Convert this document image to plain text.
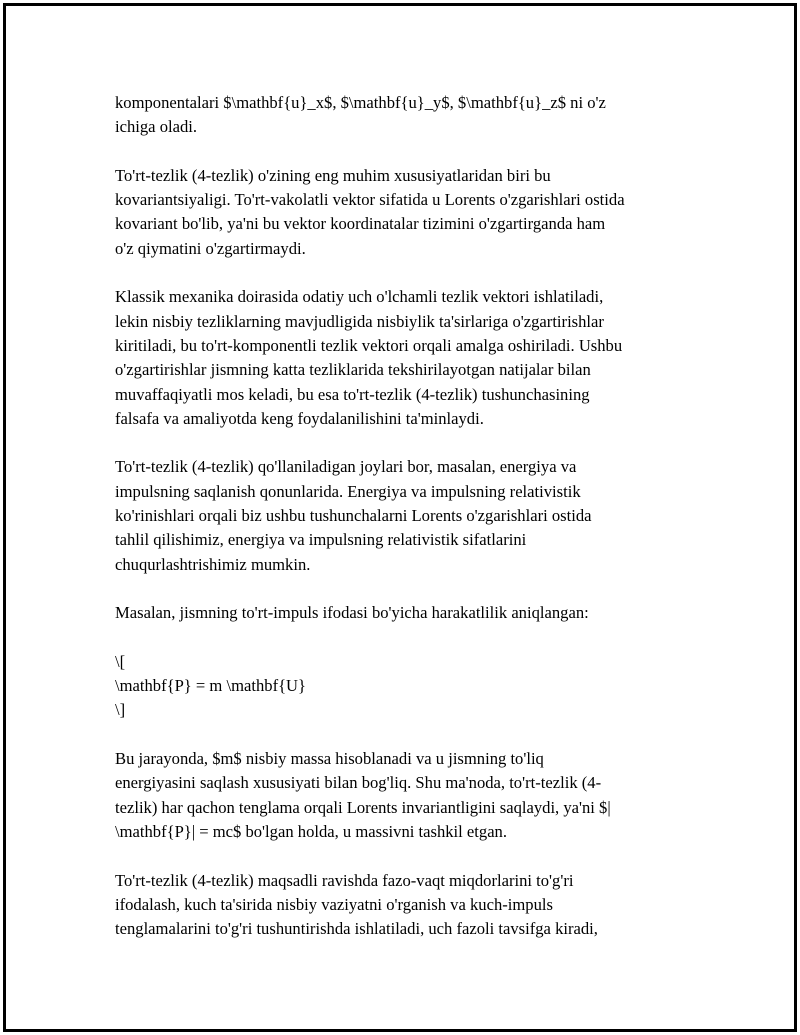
komponentalari $\mathbf{u}_x$, $\mathbf{u}_y$, $\mathbf{u}_z$ ni o'z
ichiga oladi.

To'rt-tezlik (4-tezlik) o'zining eng muhim xususiyatlaridan biri bu
kovariantsiyaligi. To'rt-vakolatli vektor sifatida u Lorents o'zgarishlari ostida
kovariant bo'lib, ya'ni bu vektor koordinatalar tizimini o'zgartirganda ham
o'z qiymatini o'zgartirmaydi.

Klassik mexanika doirasida odatiy uch o'lchamli tezlik vektori ishlatiladi,
lekin nisbiy tezliklarning mavjudligida nisbiylik ta'sirlariga o'zgartirishlar
kiritiladi, bu to'rt-komponentli tezlik vektori orqali amalga oshiriladi. Ushbu
o'zgartirishlar jismning katta tezliklarida tekshirilayotgan natijalar bilan
muvaffaqiyatli mos keladi, bu esa to'rt-tezlik (4-tezlik) tushunchasining
falsafa va amaliyotda keng foydalanilishini ta'minlaydi.

To'rt-tezlik (4-tezlik) qo'llaniladigan joylari bor, masalan, energiya va
impulsning saqlanish qonunlarida. Energiya va impulsning relativistik
ko'rinishlari orqali biz ushbu tushunchalarni Lorents o'zgarishlari ostida
tahlil qilishimiz, energiya va impulsning relativistik sifatlarini
chuqurlashtrishimiz mumkin.

Masalan, jismning to'rt-impuls ifodasi bo'yicha harakatlilik aniqlangan:

\[
\mathbf{P} = m \mathbf{U}
\]

Bu jarayonda, $m$ nisbiy massa hisoblanadi va u jismning to'liq
energiyasini saqlash xususiyati bilan bog'liq. Shu ma'noda, to'rt-tezlik (4-
tezlik) har qachon tenglama orqali Lorents invariantligini saqlaydi, ya'ni $|
\mathbf{P}| = mc$ bo'lgan holda, u massivni tashkil etgan.

To'rt-tezlik (4-tezlik) maqsadli ravishda fazo-vaqt miqdorlarini to'g'ri
ifodalash, kuch ta'sirida nisbiy vaziyatni o'rganish va kuch-impuls
tenglamalarini to'g'ri tushuntirishda ishlatiladi, uch fazoli tavsifga kiradi,
